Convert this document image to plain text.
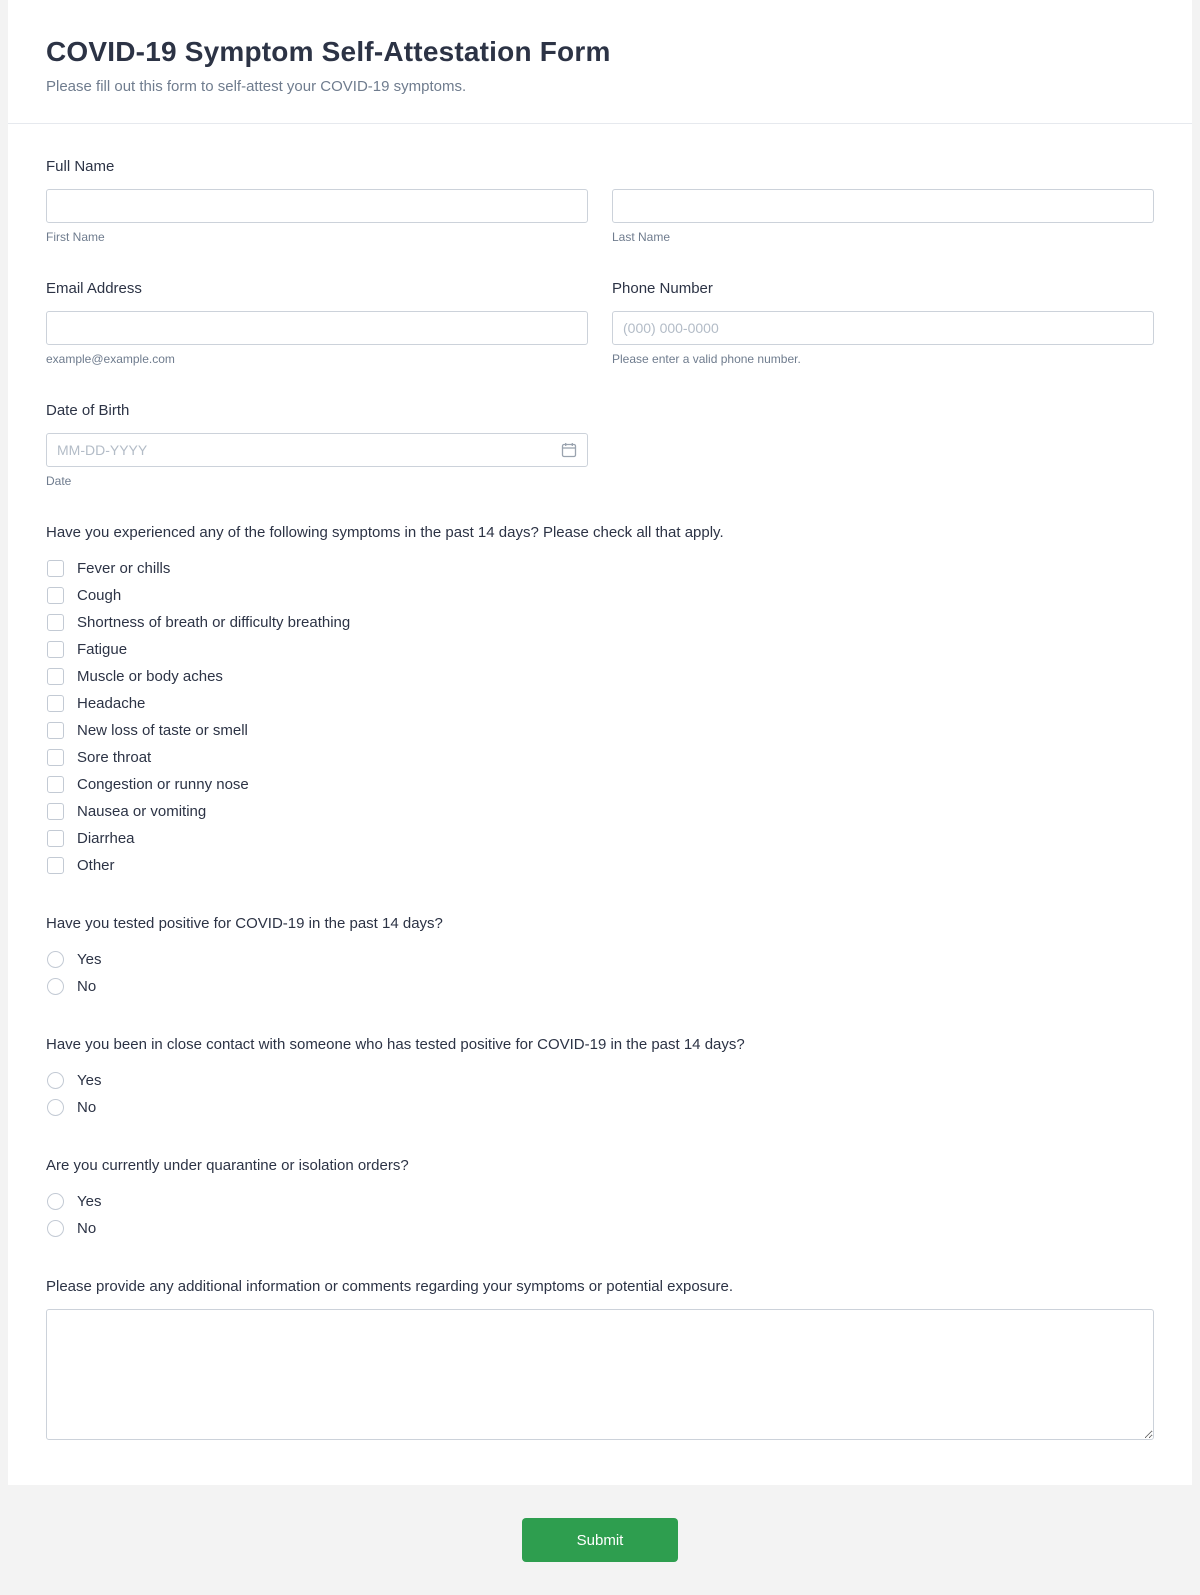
COVID-19 Symptom Self-Attestation Form
Please fill out this form to self-attest your COVID-19 symptoms.
Full Name
First Name	Last Name
Email Address
example@example.com
Phone Number
(000) 000-0000
Please enter a valid phone number.
Date of Birth
MM-DD-YYYY
Date
Have you experienced any of the following symptoms in the past 14 days? Please check all that apply.
Fever or chills
Cough
Shortness of breath or difficulty breathing
Fatigue
Muscle or body aches
Headache
New loss of taste or smell
Sore throat
Congestion or runny nose
Nausea or vomiting
Diarrhea
Other
Have you tested positive for COVID-19 in the past 14 days?
Yes
No
Have you been in close contact with someone who has tested positive for COVID-19 in the past 14 days?
Yes
No
Are you currently under quarantine or isolation orders?
Yes
No
Please provide any additional information or comments regarding your symptoms or potential exposure.
Submit
